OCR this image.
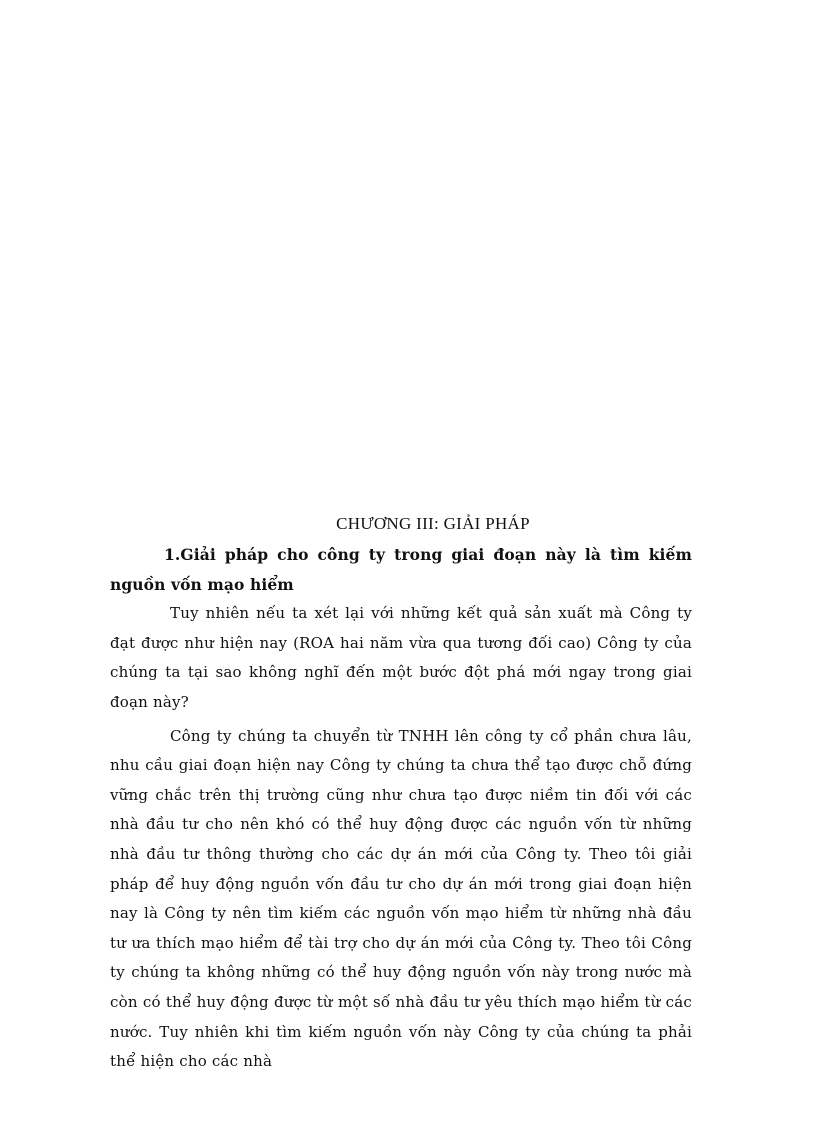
CHƯƠNG III: GIẢI PHÁP
1.Giải pháp cho công ty trong giai đoạn này là tìm kiếm nguồn vốn mạo hiểm

Tuy nhiên nếu ta xét lại với những kết quả sản xuất mà Công ty đạt được như hiện nay (ROA hai năm vừa qua tương đối cao) Công ty của chúng ta tại sao không nghĩ đến một bước đột phá mới ngay trong giai đoạn này?

Công ty chúng ta chuyển từ TNHH lên công ty cổ phần chưa lâu, nhu cầu giai đoạn hiện nay Công ty chúng ta chưa thể tạo được chỗ đứng vững chắc trên thị trường cũng như chưa tạo được niềm tin đối với các nhà đầu tư cho nên khó có thể huy động được các nguồn vốn từ những nhà đầu tư thông thường cho các dự án mới của Công ty. Theo tôi giải pháp để huy động nguồn vốn đầu tư cho dự án mới trong giai đoạn hiện nay là Công ty nên tìm kiếm các nguồn vốn mạo hiểm từ những nhà đầu tư ưa thích mạo hiểm để tài trợ cho dự án mới của Công ty. Theo tôi Công ty chúng ta không những có thể huy động nguồn vốn này trong nước mà còn có thể huy động được từ một số nhà đầu tư yêu thích mạo hiểm từ các nước. Tuy nhiên khi tìm kiếm nguồn vốn này Công ty của chúng ta phải thể hiện cho các nhà
